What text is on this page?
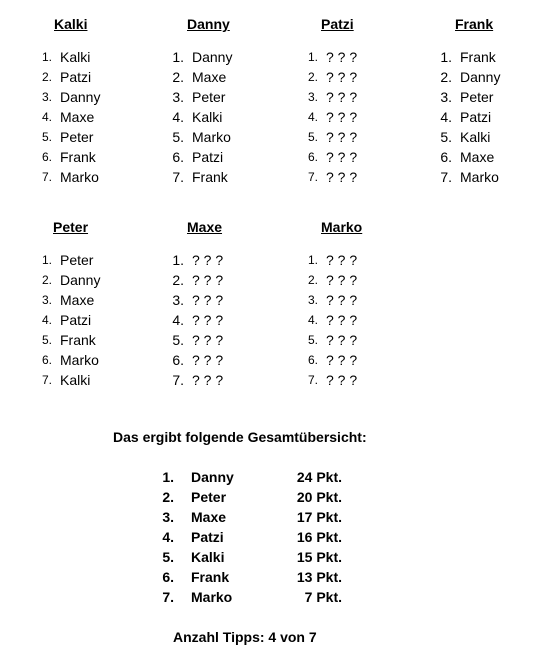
Kalki
1. Kalki
2. Patzi
3. Danny
4. Maxe
5. Peter
6. Frank
7. Marko
Danny
1. Danny
2. Maxe
3. Peter
4. Kalki
5. Marko
6. Patzi
7. Frank
Patzi
1. ? ? ?
2. ? ? ?
3. ? ? ?
4. ? ? ?
5. ? ? ?
6. ? ? ?
7. ? ? ?
Frank
1. Frank
2. Danny
3. Peter
4. Patzi
5. Kalki
6. Maxe
7. Marko
Peter
1. Peter
2. Danny
3. Maxe
4. Patzi
5. Frank
6. Marko
7. Kalki
Maxe
1. ? ? ?
2. ? ? ?
3. ? ? ?
4. ? ? ?
5. ? ? ?
6. ? ? ?
7. ? ? ?
Marko
1. ? ? ?
2. ? ? ?
3. ? ? ?
4. ? ? ?
5. ? ? ?
6. ? ? ?
7. ? ? ?
Das ergibt folgende Gesamtübersicht:
1. Danny	24 Pkt.
2. Peter	20 Pkt.
3. Maxe	17 Pkt.
4. Patzi	16 Pkt.
5. Kalki	15 Pkt.
6. Frank	13 Pkt.
7. Marko	7 Pkt.
Anzahl Tipps: 4 von 7
